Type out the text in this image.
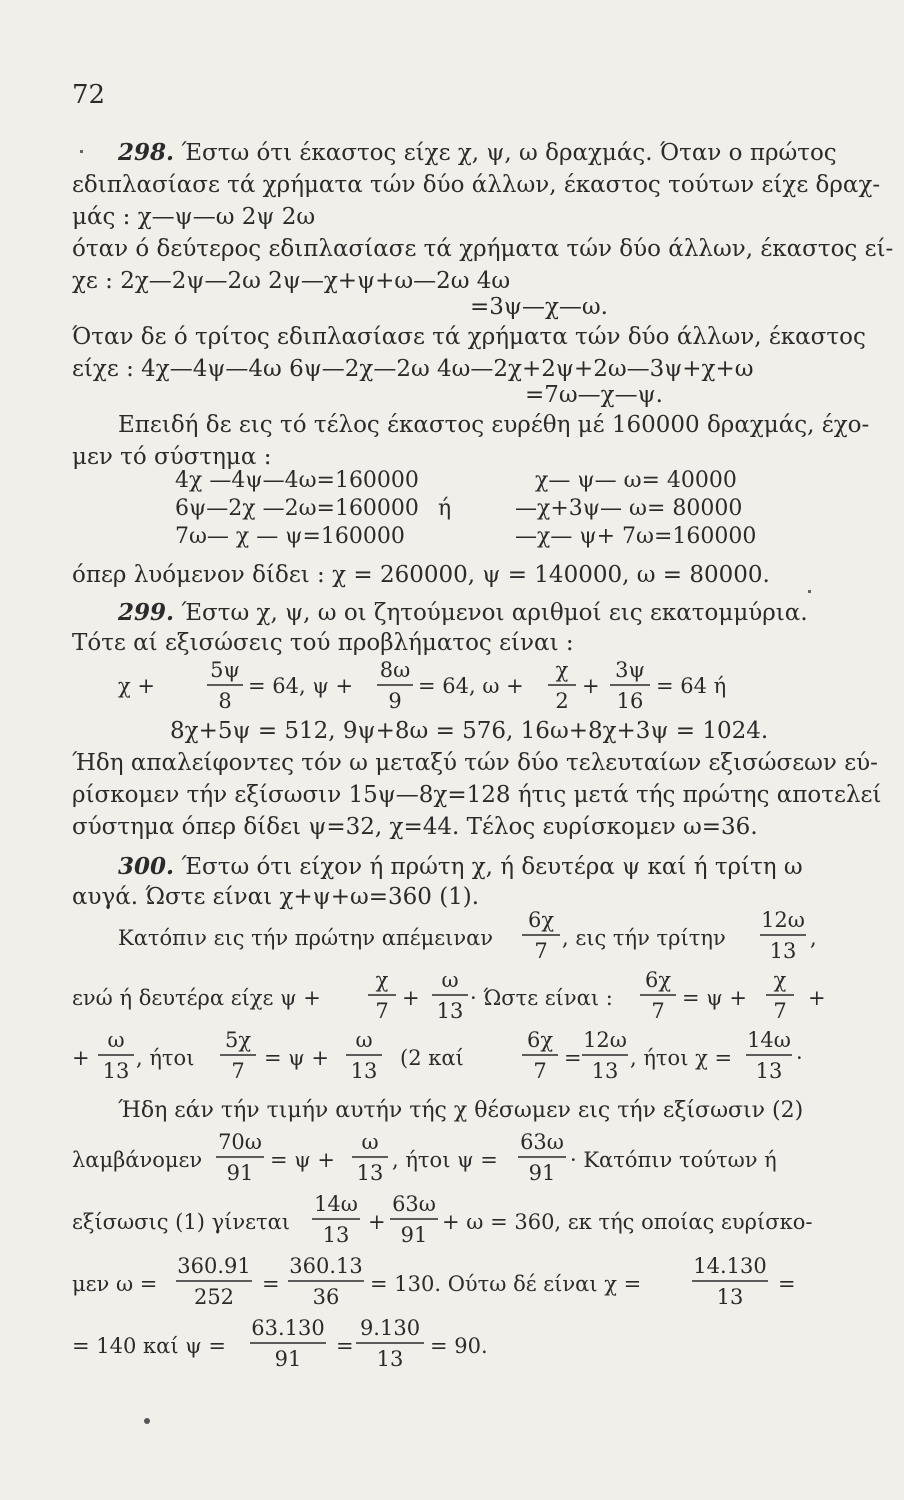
72
298. Έστω ότι έκαστος είχε χ, ψ, ω δραχμάς. Όταν ο πρώτος
εδιπλασίασε τά χρήματα τών δύο άλλων, έκαστος τούτων είχε δραχ-
μάς : χ—ψ—ω 2ψ 2ω
όταν ό δεύτερος εδιπλασίασε τά χρήματα τών δύο άλλων, έκαστος εί-
χε : 2χ—2ψ—2ω 2ψ—χ+ψ+ω—2ω 4ω
=3ψ—χ—ω.
Όταν δε ό τρίτος εδιπλασίασε τά χρήματα τών δύο άλλων, έκαστος
είχε : 4χ—4ψ—4ω 6ψ—2χ—2ω 4ω—2χ+2ψ+2ω—3ψ+χ+ω
=7ω—χ—ψ.
Επειδή δε εις τό τέλος έκαστος ευρέθη μέ 160000 δραχμάς, έχο-
μεν τό σύστημα :
4χ —4ψ—4ω=160000
6ψ—2χ —2ω=160000
7ω— χ — ψ=160000
ή
χ— ψ— ω= 40000
—χ+3ψ— ω= 80000
—χ— ψ+ 7ω=160000
όπερ λυόμενον δίδει : χ = 260000, ψ = 140000, ω = 80000.
299. Έστω χ, ψ, ω οι ζητούμενοι αριθμοί εις εκατομμύρια.
Τότε αί εξισώσεις τού προβλήματος είναι :
χ +
5ψ
8
= 64, ψ +
8ω
9
= 64, ω +
χ
2
+
3ψ
16
= 64 ή
8χ+5ψ = 512, 9ψ+8ω = 576, 16ω+8χ+3ψ = 1024.
Ήδη απαλείφοντες τόν ω μεταξύ τών δύο τελευταίων εξισώσεων εύ-
ρίσκομεν τήν εξίσωσιν 15ψ—8χ=128 ήτις μετά τής πρώτης αποτελεί
σύστημα όπερ δίδει ψ=32, χ=44. Τέλος ευρίσκομεν ω=36.
300. Έστω ότι είχον ή πρώτη χ, ή δευτέρα ψ καί ή τρίτη ω
αυγά. Ώστε είναι χ+ψ+ω=360 (1).
Κατόπιν εις τήν πρώτην απέμειναν
6χ
7
, εις τήν τρίτην
12ω
13
,
ενώ ή δευτέρα είχε ψ +
χ
7
+
ω
13
· Ώστε είναι :
6χ
7
= ψ +
χ
7
+
+
ω
13
, ήτοι
5χ
7
= ψ +
ω
13
(2 καί
6χ
7
=
12ω
13
, ήτοι χ =
14ω
13
·
Ήδη εάν τήν τιμήν αυτήν τής χ θέσωμεν εις τήν εξίσωσιν (2)
λαμβάνομεν
70ω
91
= ψ +
ω
13
, ήτοι ψ =
63ω
91
· Κατόπιν τούτων ή
εξίσωσις (1) γίνεται
14ω
13
+
63ω
91
+ ω = 360, εκ τής οποίας ευρίσκο-
μεν ω =
360.91
252
=
360.13
36
= 130. Ούτω δέ είναι χ =
14.130
13
=
= 140 καί ψ =
63.130
91
=
9.130
13
= 90.
